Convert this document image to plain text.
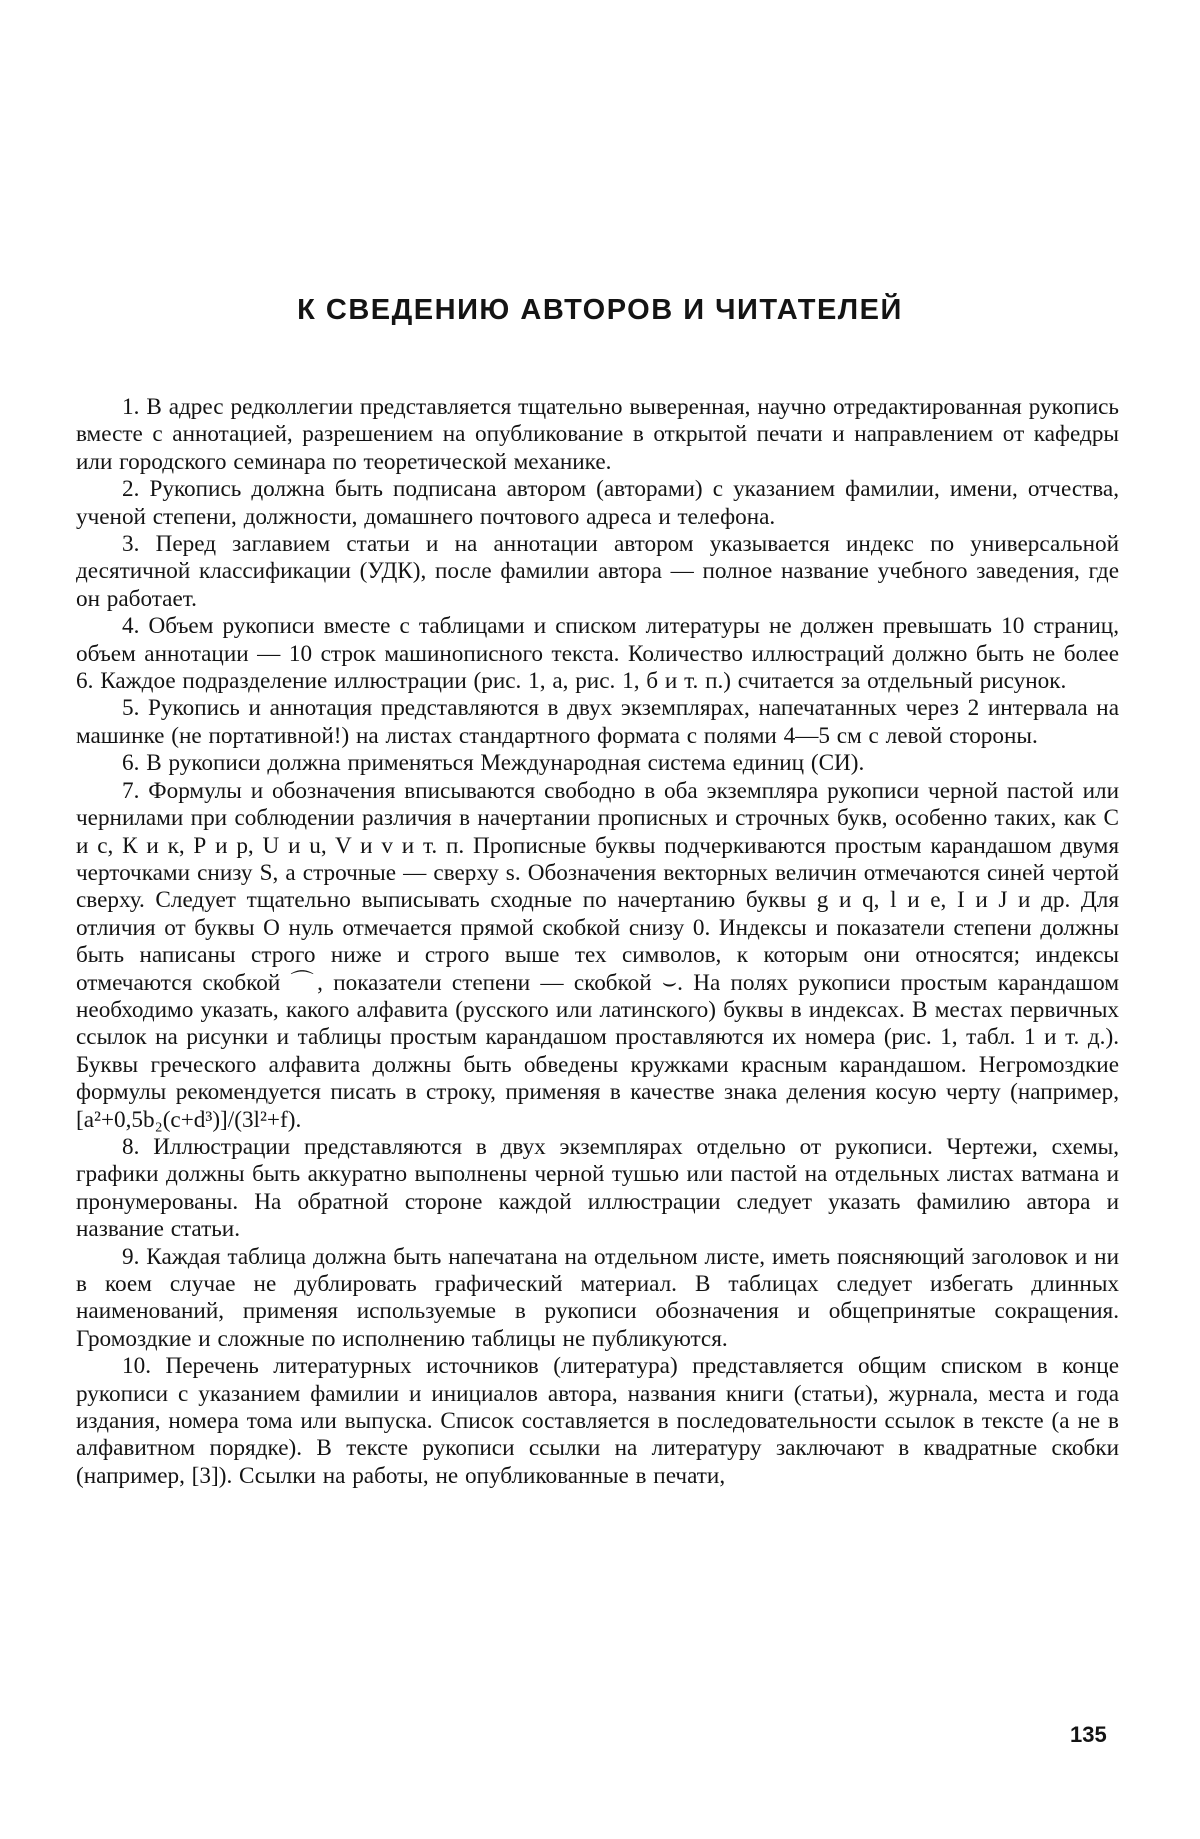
К СВЕДЕНИЮ АВТОРОВ И ЧИТАТЕЛЕЙ

1. В адрес редколлегии представляется тщательно выверенная, научно отредактированная рукопись вместе с аннотацией, разрешением на опубликование в открытой печати и направлением от кафедры или городского семинара по теоретической механике.

2. Рукопись должна быть подписана автором (авторами) с указанием фамилии, имени, отчества, ученой степени, должности, домашнего почтового адреса и телефона.

3. Перед заглавием статьи и на аннотации автором указывается индекс по универсальной десятичной классификации (УДК), после фамилии автора — полное название учебного заведения, где он работает.

4. Объем рукописи вместе с таблицами и списком литературы не должен превышать 10 страниц, объем аннотации — 10 строк машинописного текста. Количество иллюстраций должно быть не более 6. Каждое подразделение иллюстрации (рис. 1, а, рис. 1, б и т. п.) считается за отдельный рисунок.

5. Рукопись и аннотация представляются в двух экземплярах, напечатанных через 2 интервала на машинке (не портативной!) на листах стандартного формата с полями 4—5 см с левой стороны.

6. В рукописи должна применяться Международная система единиц (СИ).

7. Формулы и обозначения вписываются свободно в оба экземпляра рукописи черной пастой или чернилами при соблюдении различия в начертании прописных и строчных букв, особенно таких, как С и с, К и к, Р и р, U и u, V и v и т. п. Прописные буквы подчеркиваются простым карандашом двумя черточками снизу S, а строчные — сверху s. Обозначения векторных величин отмечаются синей чертой сверху. Следует тщательно выписывать сходные по начертанию буквы g и q, l и e, I и J и др. Для отличия от буквы О нуль отмечается прямой скобкой снизу 0. Индексы и показатели степени должны быть написаны строго ниже и строго выше тех символов, к которым они относятся; индексы отмечаются скобкой ⌒, показатели степени — скобкой ⌣. На полях рукописи простым карандашом необходимо указать, какого алфавита (русского или латинского) буквы в индексах. В местах первичных ссылок на рисунки и таблицы простым карандашом проставляются их номера (рис. 1, табл. 1 и т. д.). Буквы греческого алфавита должны быть обведены кружками красным карандашом. Негромоздкие формулы рекомендуется писать в строку, применяя в качестве знака деления косую черту (например, [a²+0,5b₂(c+d³)]/(3l²+f).

8. Иллюстрации представляются в двух экземплярах отдельно от рукописи. Чертежи, схемы, графики должны быть аккуратно выполнены черной тушью или пастой на отдельных листах ватмана и пронумерованы. На обратной стороне каждой иллюстрации следует указать фамилию автора и название статьи.

9. Каждая таблица должна быть напечатана на отдельном листе, иметь поясняющий заголовок и ни в коем случае не дублировать графический материал. В таблицах следует избегать длинных наименований, применяя используемые в рукописи обозначения и общепринятые сокращения. Громоздкие и сложные по исполнению таблицы не публикуются.

10. Перечень литературных источников (литература) представляется общим списком в конце рукописи с указанием фамилии и инициалов автора, названия книги (статьи), журнала, места и года издания, номера тома или выпуска. Список составляется в последовательности ссылок в тексте (а не в алфавитном порядке). В тексте рукописи ссылки на литературу заключают в квадратные скобки (например, [3]). Ссылки на работы, не опубликованные в печати,

135
